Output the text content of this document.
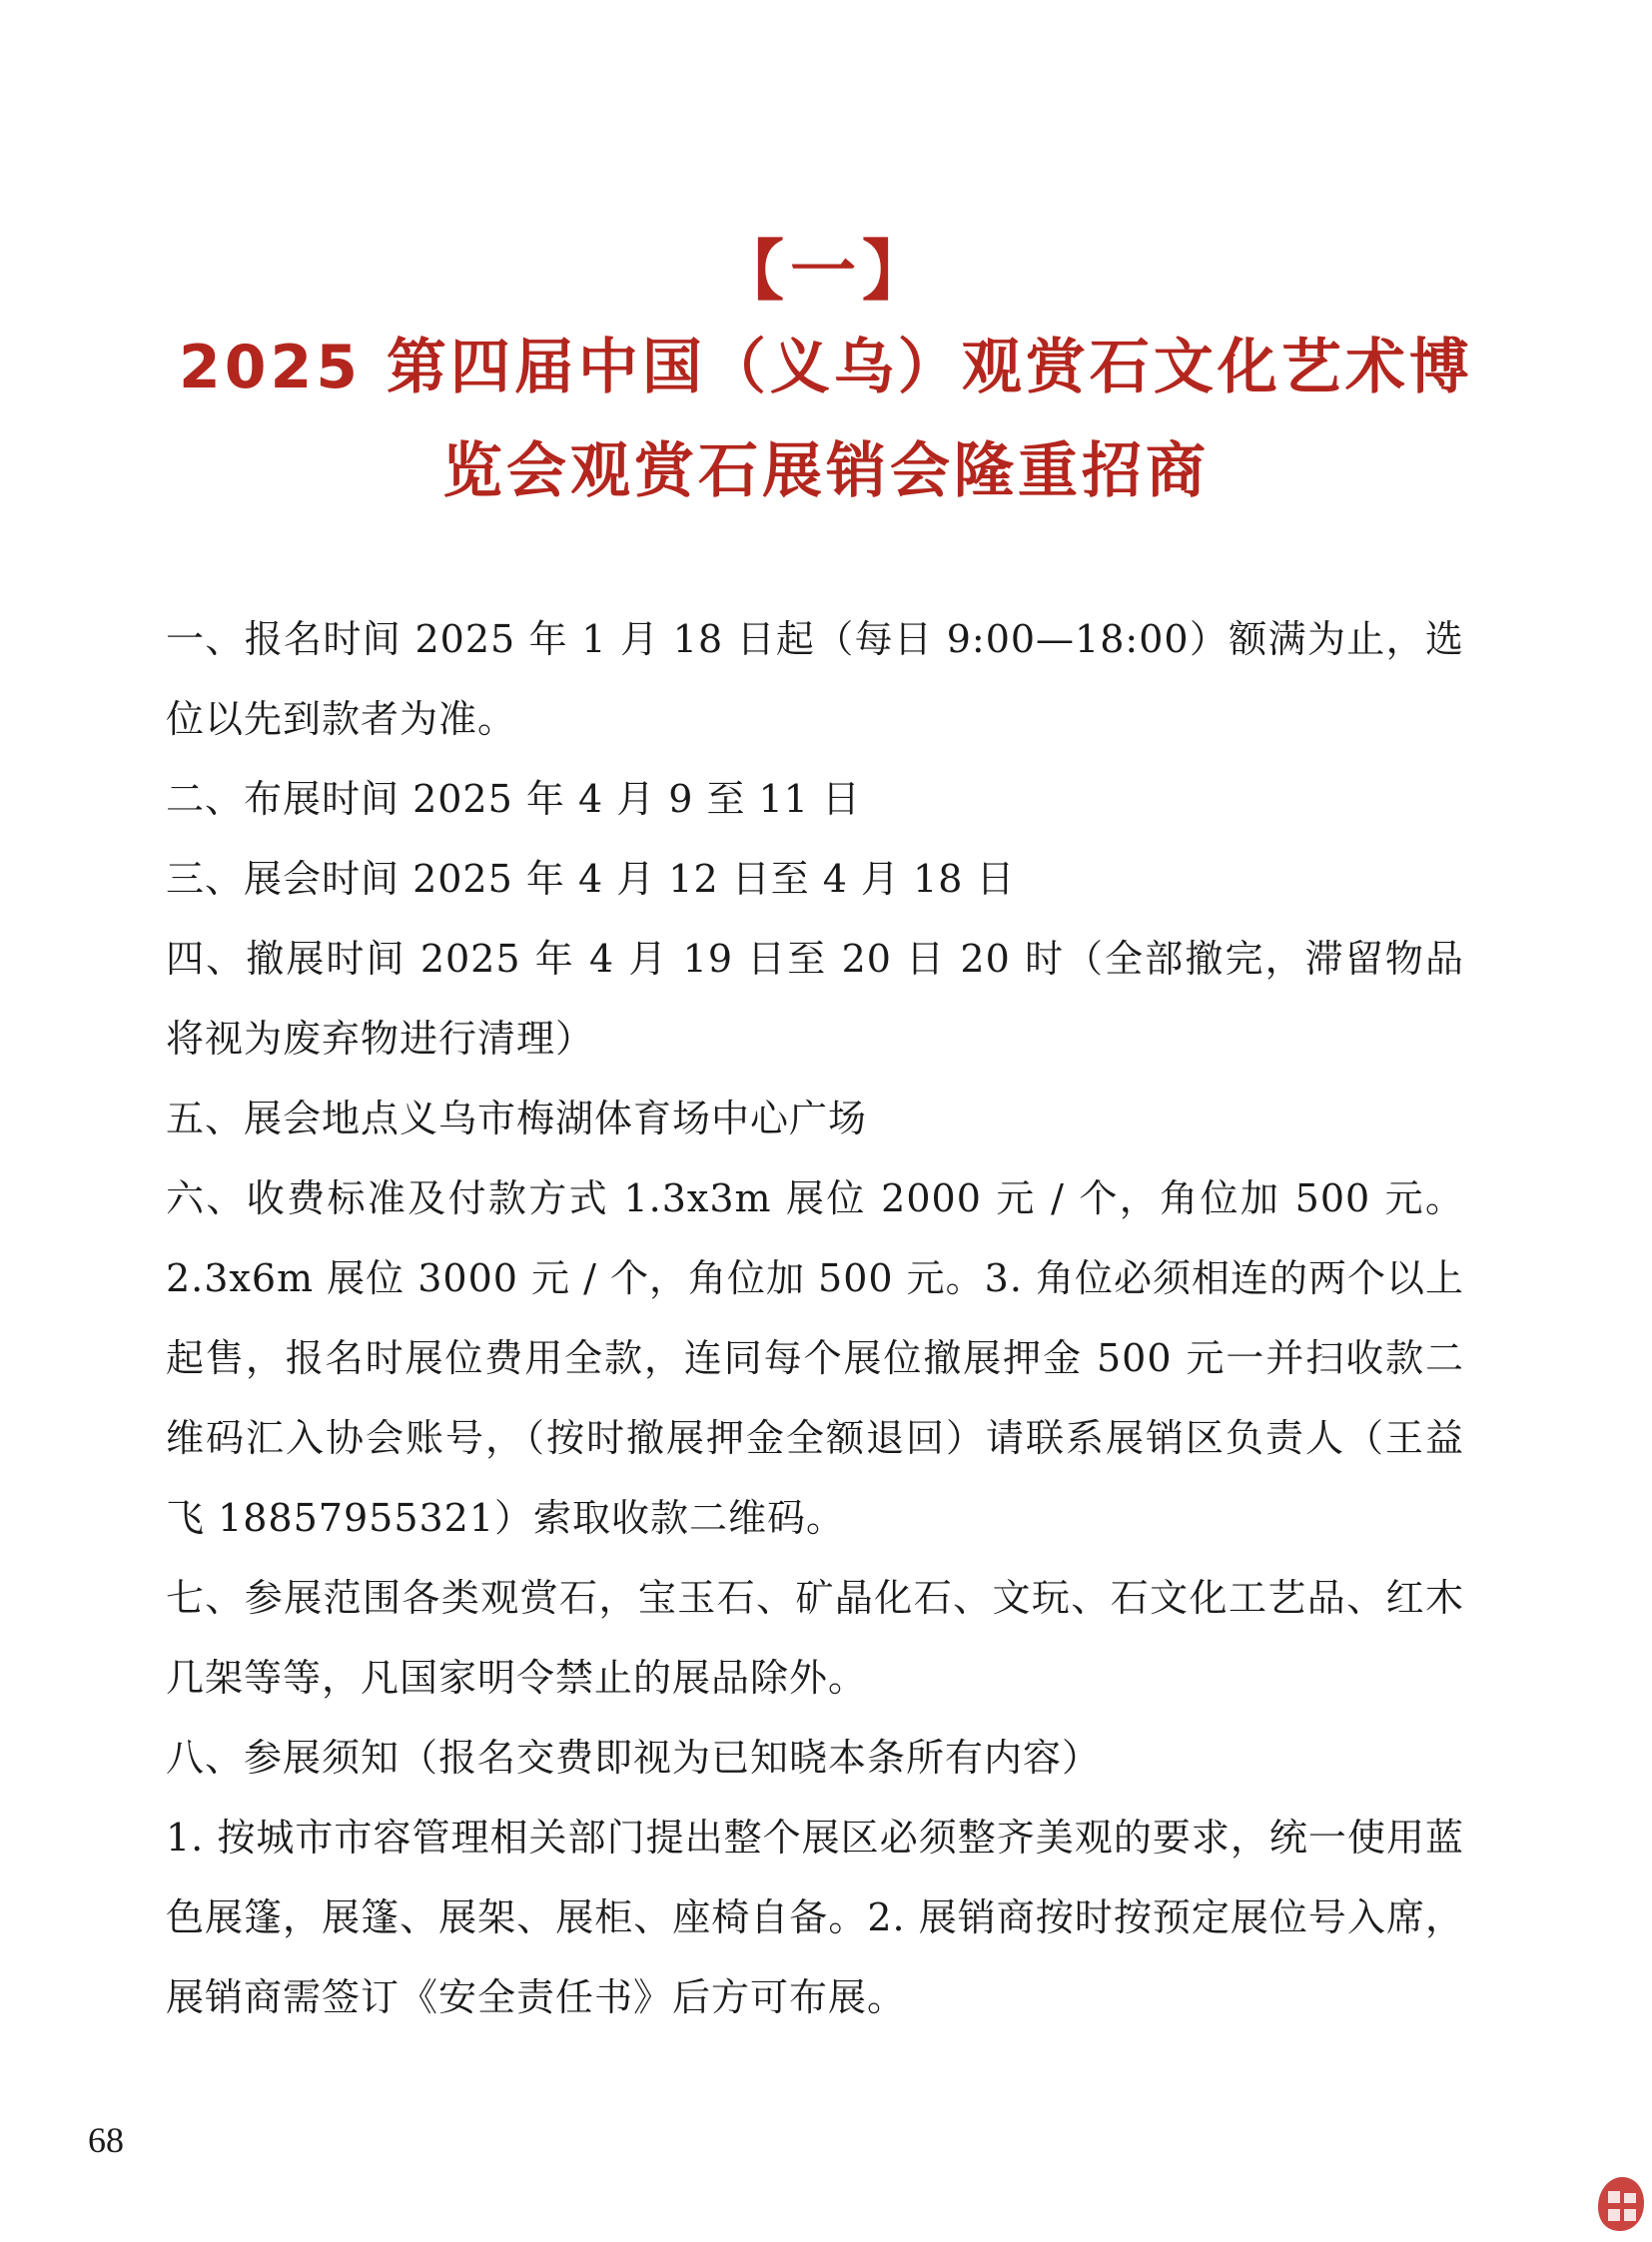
【一】
2025 第四届中国（义乌）观赏石文化艺术博
览会观赏石展销会隆重招商

一、报名时间 2025 年 1 月 18 日起（每日 9:00—18:00）额满为止，选位以先到款者为准。

二、布展时间 2025 年 4 月 9 至 11 日

三、展会时间 2025 年 4 月 12 日至 4 月 18 日

四、撤展时间 2025 年 4 月 19 日至 20 日 20 时（全部撤完，滞留物品将视为废弃物进行清理）

五、展会地点义乌市梅湖体育场中心广场

六、收费标准及付款方式 1.3x3m 展位 2000 元 / 个，角位加 500 元。2.3x6m 展位 3000 元 / 个，角位加 500 元。3. 角位必须相连的两个以上起售，报名时展位费用全款，连同每个展位撤展押金 500 元一并扫收款二维码汇入协会账号，（按时撤展押金全额退回）请联系展销区负责人（王益飞 18857955321）索取收款二维码。

七、参展范围各类观赏石，宝玉石、矿晶化石、文玩、石文化工艺品、红木几架等等，凡国家明令禁止的展品除外。

八、参展须知（报名交费即视为已知晓本条所有内容）

1. 按城市市容管理相关部门提出整个展区必须整齐美观的要求，统一使用蓝色展篷，展篷、展架、展柜、座椅自备。2. 展销商按时按预定展位号入席，展销商需签订《安全责任书》后方可布展。

68
